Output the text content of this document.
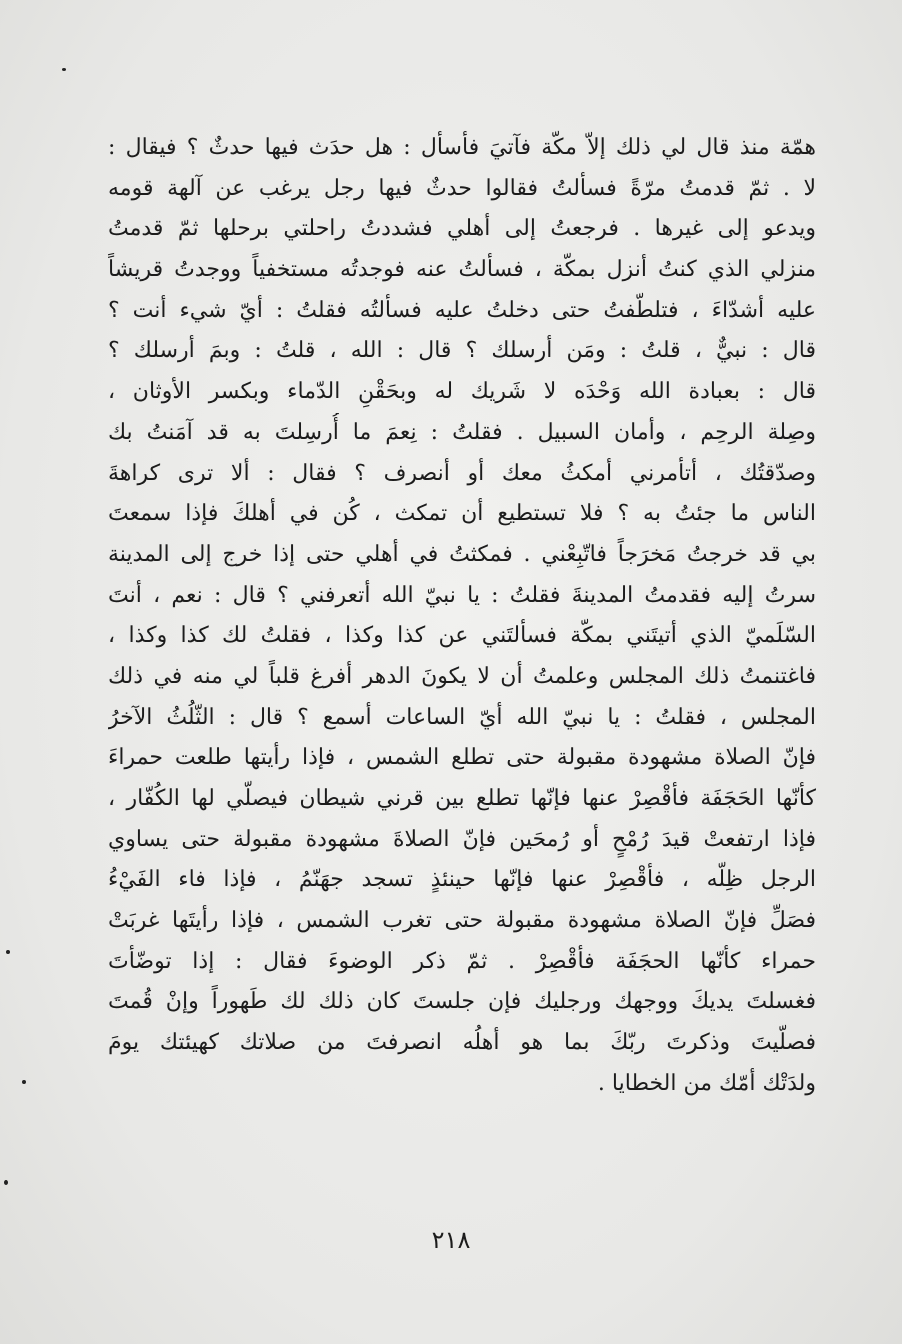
همّة منذ قال لي ذلك إلاّ مكّة فآتيَ فأسأل : هل حدَث فيها حدثٌ ؟ فيقال :
لا . ثمّ قدمتُ مرّةً فسألتُ فقالوا حدثٌ فيها رجل يرغب عن آلهة قومه
ويدعو إلى غيرها . فرجعتُ إلى أهلي فشددتُ راحلتي برحلها ثمّ قدمتُ
منزلي الذي كنتُ أنزل بمكّة ، فسألتُ عنه فوجدتُه مستخفياً ووجدتُ قريشاً
عليه أشدّاءَ ، فتلطّفتُ حتى دخلتُ عليه فسألتُه فقلتُ : أيّ شيء أنت ؟
قال : نبيٌّ ، قلتُ : ومَن أرسلك ؟ قال : الله ، قلتُ : وبمَ أرسلك ؟
قال : بعبادة الله وَحْدَه لا شَريك له وبحَقْنِ الدّماء وبكسر الأوثان ،
وصِلة الرحِم ، وأمان السبيل . فقلتُ : نِعمَ ما أُرسِلتَ به قد آمَنتُ بك
وصدّقتُك ، أتأمرني أمكثُ معك أو أنصرف ؟ فقال : ألا ترى كراهةَ
الناس ما جئتُ به ؟ فلا تستطيع أن تمكث ، كُن في أهلكَ فإذا سمعتَ
بي قد خرجتُ مَخرَجاً فاتّبِعْني . فمكثتُ في أهلي حتى إذا خرج إلى المدينة
سرتُ إليه فقدمتُ المدينةَ فقلتُ : يا نبيّ الله أتعرفني ؟ قال : نعم ، أنتَ
السّلَميّ الذي أتيتَني بمكّة فسألتَني عن كذا وكذا ، فقلتُ لك كذا وكذا ،
فاغتنمتُ ذلك المجلس وعلمتُ أن لا يكونَ الدهر أفرغ قلباً لي منه في ذلك
المجلس ، فقلتُ : يا نبيّ الله أيّ الساعات أسمع ؟ قال : الثّلُثُ الآخرُ
فإنّ الصلاة مشهودة مقبولة حتى تطلع الشمس ، فإذا رأيتها طلعت حمراءَ
كأنّها الحَجَفَة فأقْصِرْ عنها فإنّها تطلع بين قرني شيطان فيصلّي لها الكُفّار ،
فإذا ارتفعتْ قيدَ رُمْحٍ أو رُمحَين فإنّ الصلاةَ مشهودة مقبولة حتى يساوي
الرجل ظِلّه ، فأقْصِرْ عنها فإنّها حينئذٍ تسجد جهَنّمُ ، فإذا فاء الفَيْءُ
فصَلِّ فإنّ الصلاة مشهودة مقبولة حتى تغرب الشمس ، فإذا رأيتَها غربَتْ
حمراء كأنّها الحجَفَة فأقْصِرْ . ثمّ ذكر الوضوءَ فقال : إذا توضّأتَ
فغسلتَ يديكَ ووجهك ورجليك فإن جلستَ كان ذلك لك طَهوراً وإنْ قُمتَ
فصلّيتَ وذكرتَ ربّكَ بما هو أهلُه انصرفتَ من صلاتك كهيئتك يومَ
ولدَتْك أمّك من الخطايا .
٢١٨
